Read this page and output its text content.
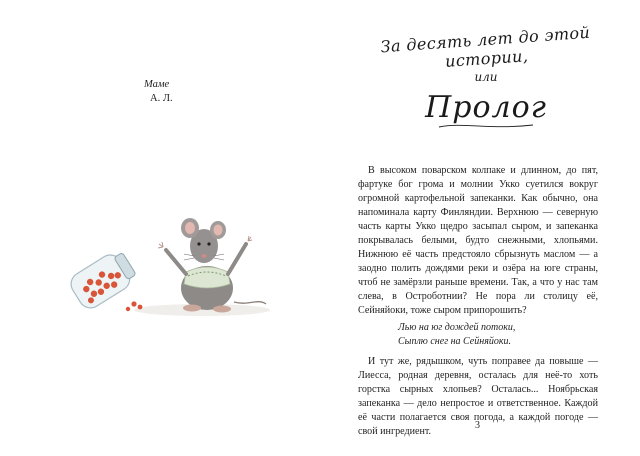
Маме
А. Л.
За десять лет до этой истории,
или
Пролог

В высоком поварском колпаке и длинном, до пят, фартуке бог грома и молнии Укко суетился вокруг огромной картофельной запеканки. Как обычно, она напоминала карту Финляндии. Верхнюю — северную часть карты Укко щедро засыпал сыром, и запеканка покрывалась белыми, будто снежными, хлопьями. Нижнюю её часть предстояло сбрызнуть маслом — а заодно полить дождями реки и озёра на юге страны, чтоб не замёрзли раньше времени. Так, а что у нас там слева, в Остроботнии? Не пора ли столицу её, Сейняйоки, тоже сыром припорошить?

Лью на юг дождей потоки,
Сыплю снег на Сейняйоки.

И тут же, рядышком, чуть поправее да повыше — Лиесса, родная деревня, осталась для неё-то хоть горстка сырных хлопьев? Осталась... Ноябрьская запеканка — дело непростое и ответственное. Каждой её части полагается своя погода, а каждой погоде — свой ингредиент.

3
